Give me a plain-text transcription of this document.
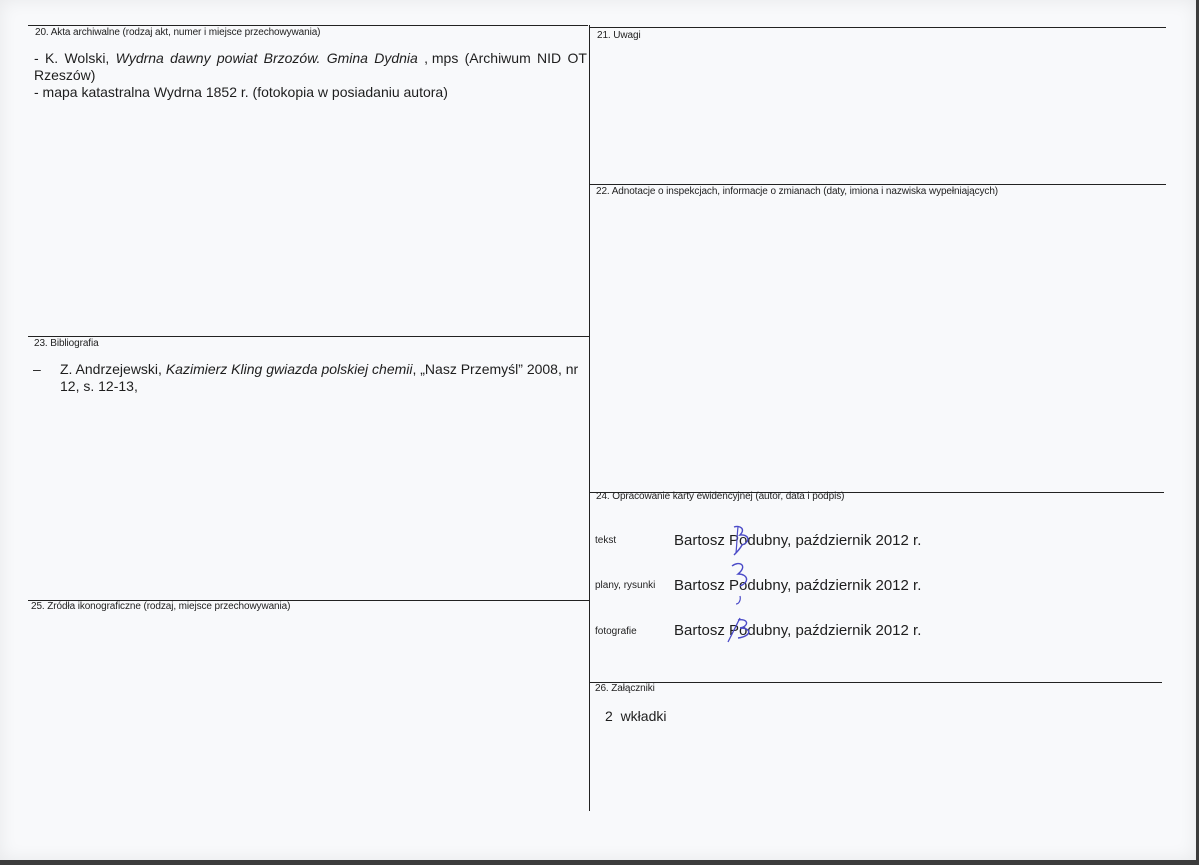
20. Akta archiwalne (rodzaj akt, numer i miejsce przechowywania)
- K. Wolski, Wydrna dawny powiat Brzozów. Gmina Dydnia , mps (Archiwum NID OT
Rzeszów)
- mapa katastralna Wydrna 1852 r. (fotokopia w posiadaniu autora)
21. Uwagi
22. Adnotacje o inspekcjach, informacje o zmianach (daty, imiona i nazwiska wypełniających)
23. Bibliografia
– Z. Andrzejewski, Kazimierz Kling gwiazda polskiej chemii, „Nasz Przemyśl” 2008, nr
12, s. 12-13,
24. Opracowanie karty ewidencyjnej (autor, data i podpis)
tekst	Bartosz Podubny, październik 2012 r.
plany, rysunki Bartosz Podubny, październik 2012 r.
fotografie Bartosz Podubny, październik 2012 r.
25. Źródła ikonograficzne (rodzaj, miejsce przechowywania)
26. Załączniki
2  wkładki
